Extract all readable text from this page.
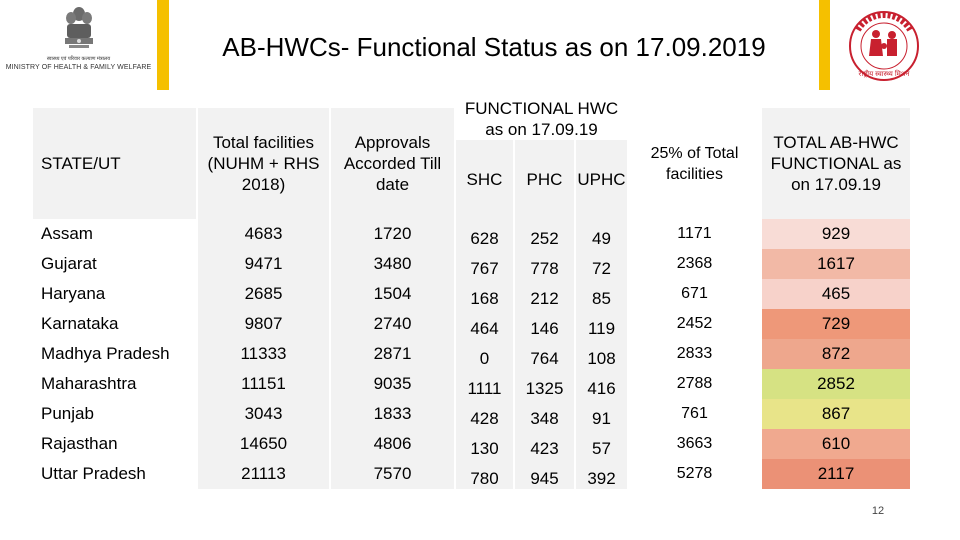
स्वास्थ्य एवं परिवार कल्याण मंत्रालय
MINISTRY OF HEALTH & FAMILY WELFARE
AB-HWCs- Functional Status as on 17.09.2019
राष्ट्रीय स्वास्थ्य मिशन
STATE/UT
Total facilities (NUHM + RHS 2018)
Approvals Accorded Till date
FUNCTIONAL HWC as on 17.09.19
SHC	PHC UPHC
25% of Total facilities
TOTAL AB-HWC FUNCTIONAL as on 17.09.19
Assam	4683	1720	628	252	49	1171	929
Gujarat	9471	3480	767	778	72	2368	1617
Haryana	2685	1504	168	212	85	671	465
Karnataka	9807	2740	464	146	119	2452	729
Madhya Pradesh	11333	2871	0	764	108	2833	872
Maharashtra	11151	9035	1111	1325	416	2788	2852
Punjab	3043	1833	428	348	91	761	867
Rajasthan	14650	4806	130	423	57	3663	610
Uttar Pradesh	21113	7570	780	945	392	5278	2117
12
